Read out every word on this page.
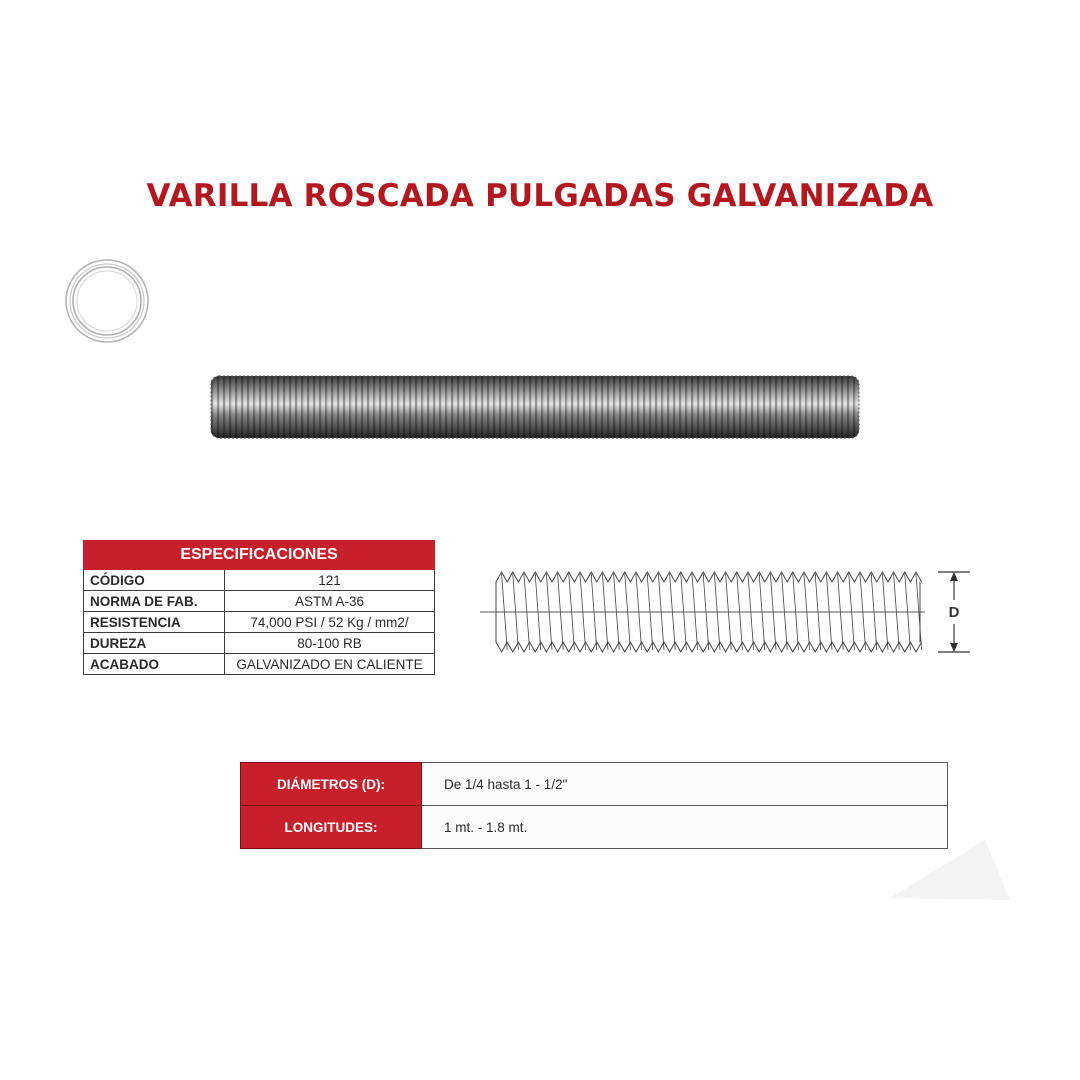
VARILLA ROSCADA PULGADAS GALVANIZADA
ESPECIFICACIONES	
CÓDIGO	121
NORMA DE FAB.	ASTM A-36
RESISTENCIA	74,000 PSI / 52 Kg / mm2/
DUREZA	80-100 RB
ACABADO	GALVANIZADO EN CALIENTE
D
DIÁMETROS (D):	De 1/4 hasta 1 - 1/2"
LONGITUDES:	1 mt. - 1.8 mt.
